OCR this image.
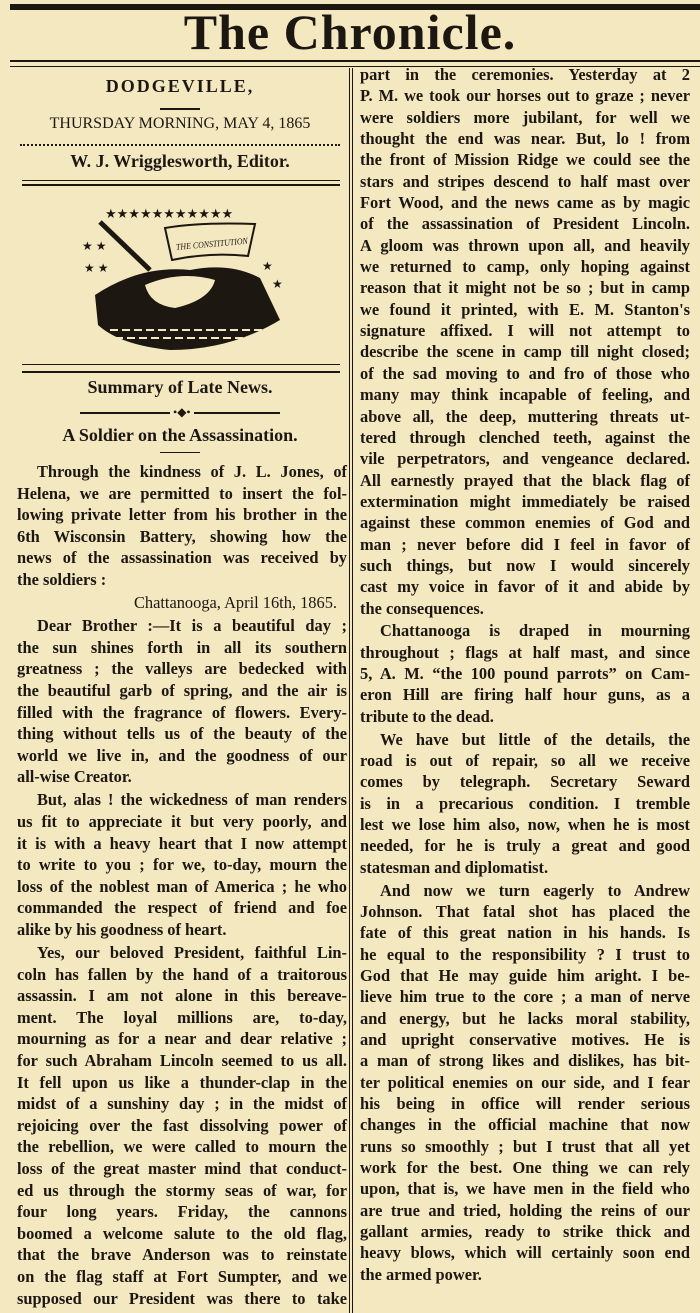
The Chronicle.
DODGEVILLE,
THURSDAY MORNING, MAY 4, 1865
W. J. Wrigglesworth, Editor.
★★★★★★★★★★★
★ ★
★ ★	★
★
THE CONSTITUTION
Summary of Late News.
•◆•
A Soldier on the Assassination.
Through the kindness of J. L. Jones, of
Helena, we are permitted to insert the fol-
lowing private letter from his brother in the
6th Wisconsin Battery, showing how the
news of the assassination was received by
the soldiers :
Chattanooga, April 16th, 1865.
Dear Brother :—It is a beautiful day ;
the sun shines forth in all its southern
greatness ; the valleys are bedecked with
the beautiful garb of spring, and the air is
filled with the fragrance of flowers. Every-
thing without tells us of the beauty of the
world we live in, and the goodness of our
all-wise Creator.
But, alas ! the wickedness of man renders
us fit to appreciate it but very poorly, and
it is with a heavy heart that I now attempt
to write to you ; for we, to-day, mourn the
loss of the noblest man of America ; he who
commanded the respect of friend and foe
alike by his goodness of heart.
Yes, our beloved President, faithful Lin-
coln has fallen by the hand of a traitorous
assassin. I am not alone in this bereave-
ment. The loyal millions are, to-day,
mourning as for a near and dear relative ;
for such Abraham Lincoln seemed to us all.
It fell upon us like a thunder-clap in the
midst of a sunshiny day ; in the midst of
rejoicing over the fast dissolving power of
the rebellion, we were called to mourn the
loss of the great master mind that conduct-
ed us through the stormy seas of war, for
four long years. Friday, the cannons
boomed a welcome salute to the old flag,
that the brave Anderson was to reinstate
on the flag staff at Fort Sumpter, and we
supposed our President was there to take
part in the ceremonies. Yesterday at 2
P. M. we took our horses out to graze ; never
were soldiers more jubilant, for well we
thought the end was near. But, lo ! from
the front of Mission Ridge we could see the
stars and stripes descend to half mast over
Fort Wood, and the news came as by magic
of the assassination of President Lincoln.
A gloom was thrown upon all, and heavily
we returned to camp, only hoping against
reason that it might not be so ; but in camp
we found it printed, with E. M. Stanton's
signature affixed. I will not attempt to
describe the scene in camp till night closed;
of the sad moving to and fro of those who
many may think incapable of feeling, and
above all, the deep, muttering threats ut-
tered through clenched teeth, against the
vile perpetrators, and vengeance declared.
All earnestly prayed that the black flag of
extermination might immediately be raised
against these common enemies of God and
man ; never before did I feel in favor of
such things, but now I would sincerely
cast my voice in favor of it and abide by
the consequences.
Chattanooga is draped in mourning
throughout ; flags at half mast, and since
5, A. M. “the 100 pound parrots” on Cam-
eron Hill are firing half hour guns, as a
tribute to the dead.
We have but little of the details, the
road is out of repair, so all we receive
comes by telegraph. Secretary Seward
is in a precarious condition. I tremble
lest we lose him also, now, when he is most
needed, for he is truly a great and good
statesman and diplomatist.
And now we turn eagerly to Andrew
Johnson. That fatal shot has placed the
fate of this great nation in his hands. Is
he equal to the responsibility ? I trust to
God that He may guide him aright. I be-
lieve him true to the core ; a man of nerve
and energy, but he lacks moral stability,
and upright conservative motives. He is
a man of strong likes and dislikes, has bit-
ter political enemies on our side, and I fear
his being in office will render serious
changes in the official machine that now
runs so smoothly ; but I trust that all yet
work for the best. One thing we can rely
upon, that is, we have men in the field who
are true and tried, holding the reins of our
gallant armies, ready to strike thick and
heavy blows, which will certainly soon end
the armed power.
